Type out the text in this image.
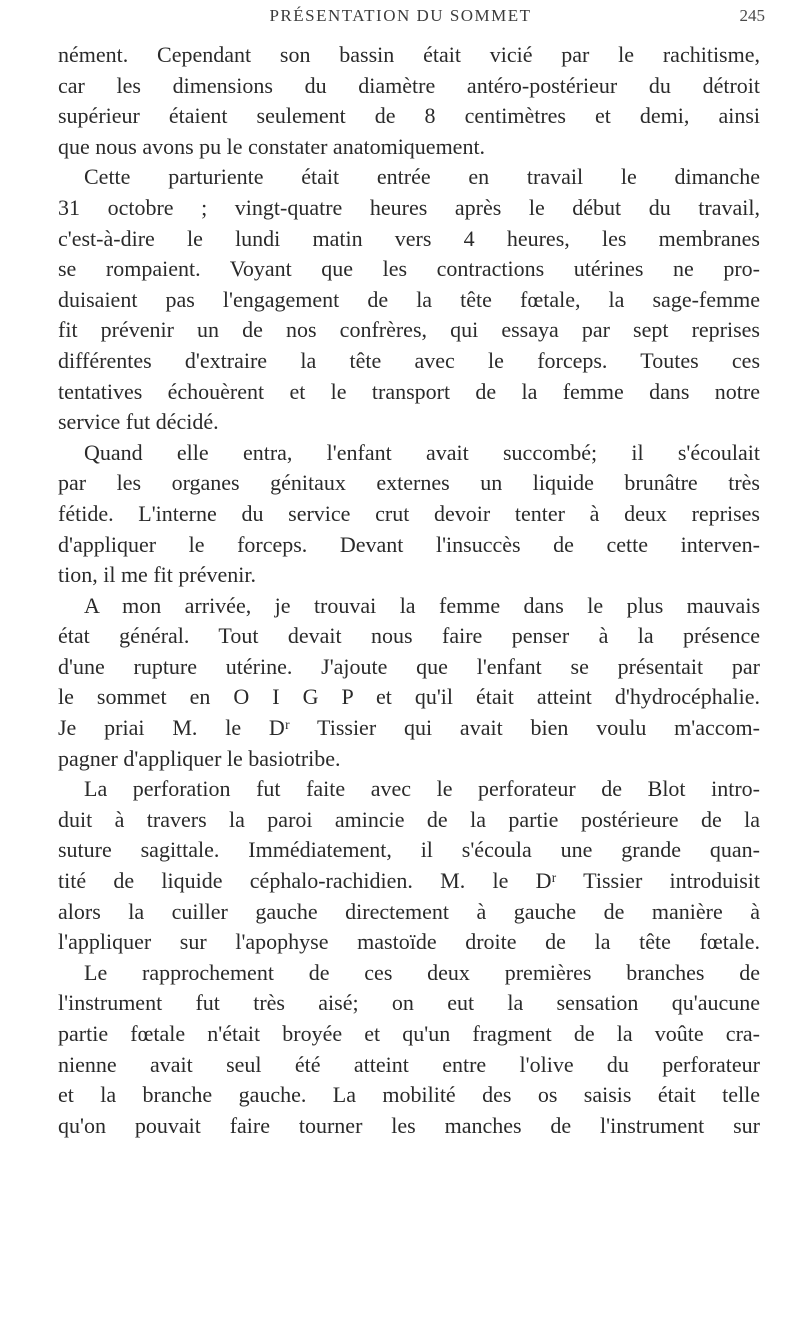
PRÉSENTATION DU SOMMET	245
nément. Cependant son bassin était vicié par le rachitisme,
car les dimensions du diamètre antéro-postérieur du détroit
supérieur étaient seulement de 8 centimètres et demi, ainsi
que nous avons pu le constater anatomiquement.
Cette parturiente était entrée en travail le dimanche
31 octobre ; vingt-quatre heures après le début du travail,
c'est-à-dire le lundi matin vers 4 heures, les membranes
se rompaient. Voyant que les contractions utérines ne pro-
duisaient pas l'engagement de la tête fœtale, la sage-femme
fit prévenir un de nos confrères, qui essaya par sept reprises
différentes d'extraire la tête avec le forceps. Toutes ces
tentatives échouèrent et le transport de la femme dans notre
service fut décidé.
Quand elle entra, l'enfant avait succombé; il s'écoulait
par les organes génitaux externes un liquide brunâtre très
fétide. L'interne du service crut devoir tenter à deux reprises
d'appliquer le forceps. Devant l'insuccès de cette interven-
tion, il me fit prévenir.
A mon arrivée, je trouvai la femme dans le plus mauvais
état général. Tout devait nous faire penser à la présence
d'une rupture utérine. J'ajoute que l'enfant se présentait par
le sommet en O I G P et qu'il était atteint d'hydrocéphalie.
Je priai M. le Dʳ Tissier qui avait bien voulu m'accom-
pagner d'appliquer le basiotribe.
La perforation fut faite avec le perforateur de Blot intro-
duit à travers la paroi amincie de la partie postérieure de la
suture sagittale. Immédiatement, il s'écoula une grande quan-
tité de liquide céphalo-rachidien. M. le Dʳ Tissier introduisit
alors la cuiller gauche directement à gauche de manière à
l'appliquer sur l'apophyse mastoïde droite de la tête fœtale.
Le rapprochement de ces deux premières branches de
l'instrument fut très aisé; on eut la sensation qu'aucune
partie fœtale n'était broyée et qu'un fragment de la voûte cra-
nienne avait seul été atteint entre l'olive du perforateur
et la branche gauche. La mobilité des os saisis était telle
qu'on pouvait faire tourner les manches de l'instrument sur
